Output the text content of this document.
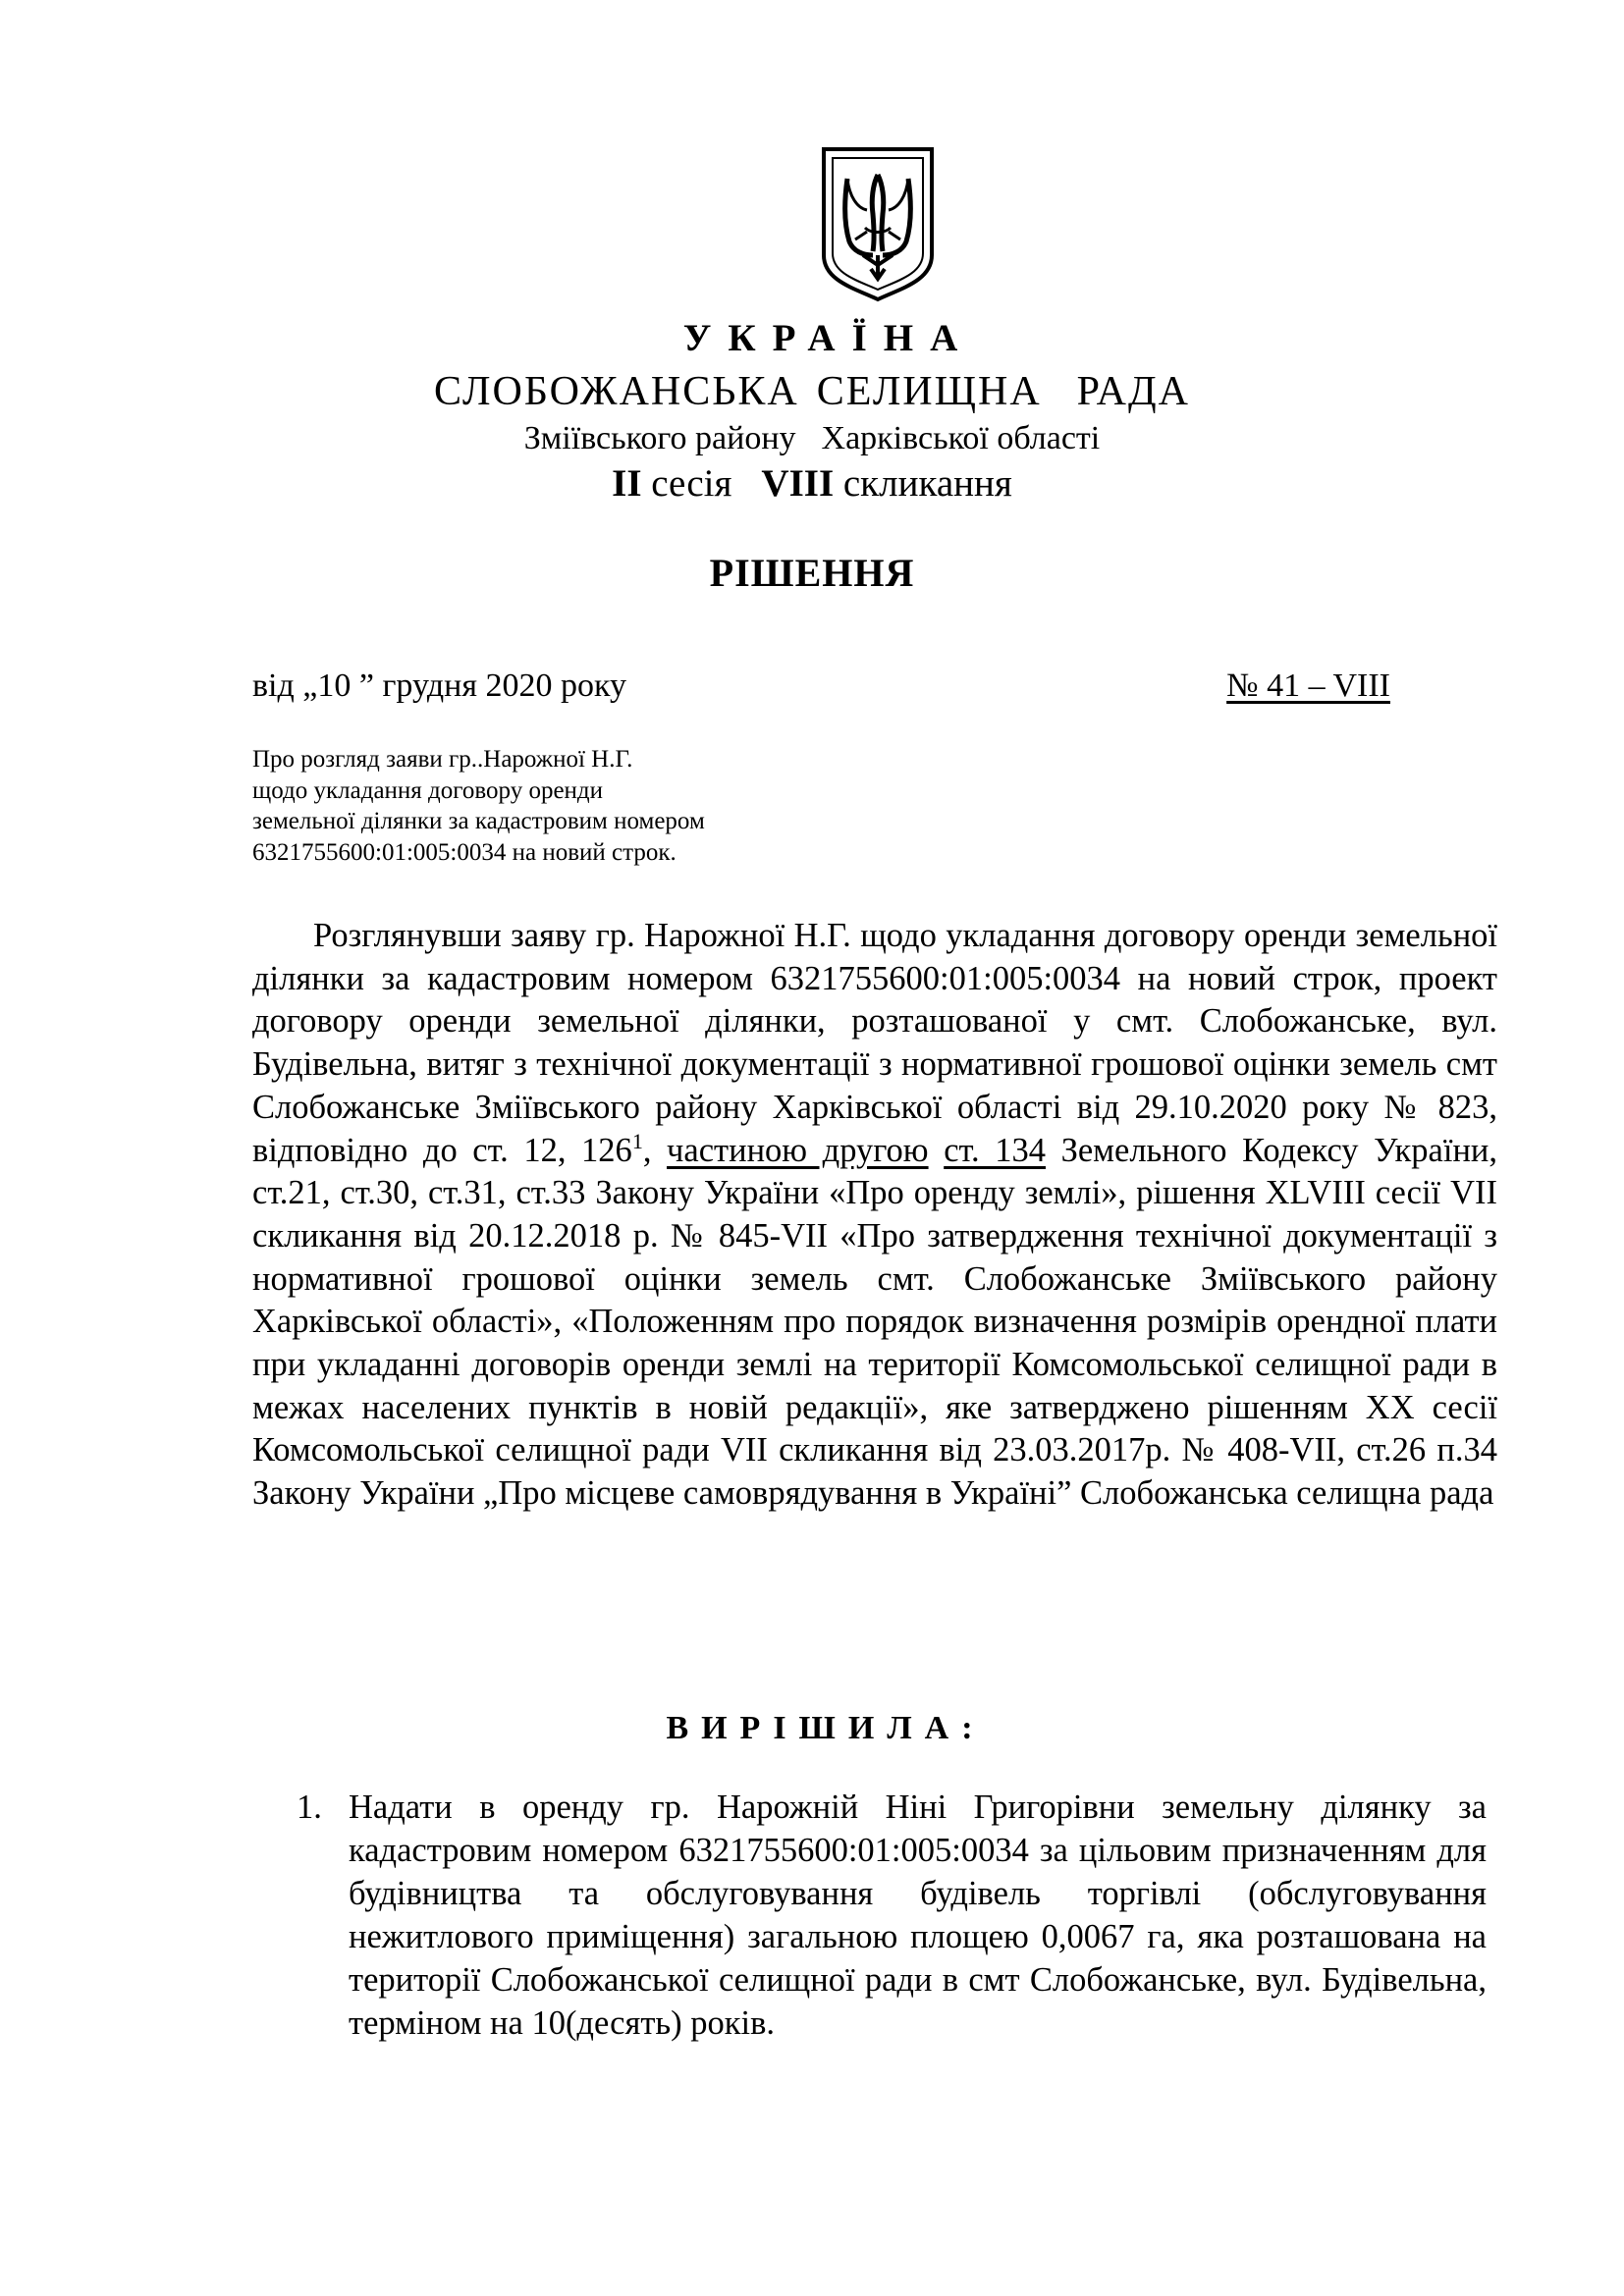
УКРАЇНА
СЛОБОЖАНСЬКА СЕЛИЩНА РАДА
Зміївського району Харківської області
II сесія VIII скликання
РІШЕННЯ
від „10 ” грудня 2020 року	№ 41 – VIII
Про розгляд заяви гр..Нарожної Н.Г.
щодо укладання договору оренди
земельної ділянки за кадастровим номером
6321755600:01:005:0034 на новий строк.
Розглянувши заяву гр. Нарожної Н.Г. щодо укладання договору оренди земельної ділянки за кадастровим номером 6321755600:01:005:0034 на новий строк, проект договору оренди земельної ділянки, розташованої у смт. Слобожанське, вул. Будівельна, витяг з технічної документації з нормативної грошової оцінки земель смт Слобожанське Зміївського району Харківської області від 29.10.2020 року № 823, відповідно до ст. 12, $126^1$, частиною другою ст. 134 Земельного Кодексу України, ст.21, ст.30, ст.31, ст.33 Закону України «Про оренду землі», рішення XLVIII сесії VII скликання від 20.12.2018 р. № 845-VII «Про затвердження технічної документації з нормативної грошової оцінки земель смт. Слобожанське Зміївського району Харківської області», «Положенням про порядок визначення розмірів орендної плати при укладанні договорів оренди землі на території Комсомольської селищної ради в межах населених пунктів в новій редакції», яке затверджено рішенням XX сесії Комсомольської селищної ради VII скликання від 23.03.2017р. № 408-VII, ст.26 п.34 Закону України „Про місцеве самоврядування в Україні” Слобожанська селищна рада
ВИРІШИЛА:
1. Надати в оренду гр. Нарожній Ніні Григорівни земельну ділянку за кадастровим номером 6321755600:01:005:0034 за цільовим призначенням для будівництва та обслуговування будівель торгівлі (обслуговування нежитлового приміщення) загальною площею 0,0067 га, яка розташована на території Слобожанської селищної ради в смт Слобожанське, вул. Будівельна, терміном на 10(десять) років.
